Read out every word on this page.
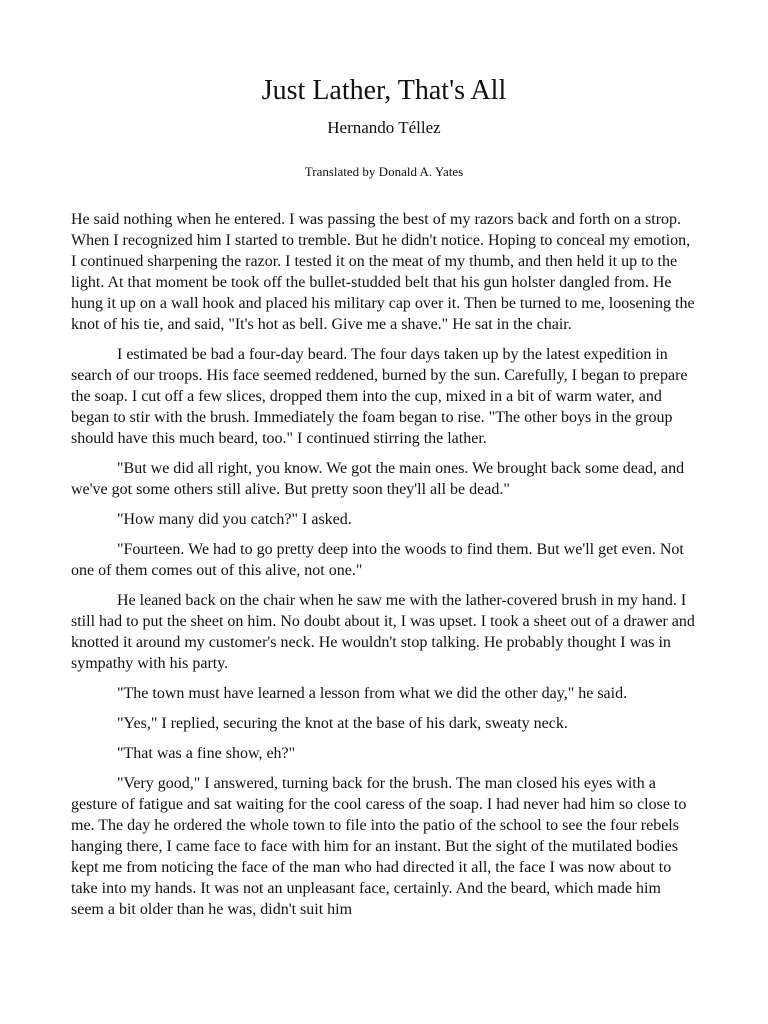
Just Lather, That's All

Hernando Téllez

Translated by Donald A. Yates

He said nothing when he entered. I was passing the best of my razors back and forth on a strop. When I recognized him I started to tremble. But he didn't notice. Hoping to conceal my emotion, I continued sharpening the razor. I tested it on the meat of my thumb, and then held it up to the light. At that moment be took off the bullet-studded belt that his gun holster dangled from. He hung it up on a wall hook and placed his military cap over it. Then be turned to me, loosening the knot of his tie, and said, "It's hot as bell. Give me a shave." He sat in the chair.

I estimated be bad a four-day beard. The four days taken up by the latest expedition in search of our troops. His face seemed reddened, burned by the sun. Carefully, I began to prepare the soap. I cut off a few slices, dropped them into the cup, mixed in a bit of warm water, and began to stir with the brush. Immediately the foam began to rise. "The other boys in the group should have this much beard, too." I continued stirring the lather.

"But we did all right, you know. We got the main ones. We brought back some dead, and we've got some others still alive. But pretty soon they'll all be dead."

"How many did you catch?" I asked.

"Fourteen. We had to go pretty deep into the woods to find them. But we'll get even. Not one of them comes out of this alive, not one."

He leaned back on the chair when he saw me with the lather-covered brush in my hand. I still had to put the sheet on him. No doubt about it, I was upset. I took a sheet out of a drawer and knotted it around my customer's neck. He wouldn't stop talking. He probably thought I was in sympathy with his party.

"The town must have learned a lesson from what we did the other day," he said.

"Yes," I replied, securing the knot at the base of his dark, sweaty neck.

"That was a fine show, eh?"

"Very good," I answered, turning back for the brush. The man closed his eyes with a gesture of fatigue and sat waiting for the cool caress of the soap. I had never had him so close to me. The day he ordered the whole town to file into the patio of the school to see the four rebels hanging there, I came face to face with him for an instant. But the sight of the mutilated bodies kept me from noticing the face of the man who had directed it all, the face I was now about to take into my hands. It was not an unpleasant face, certainly. And the beard, which made him seem a bit older than he was, didn't suit him
